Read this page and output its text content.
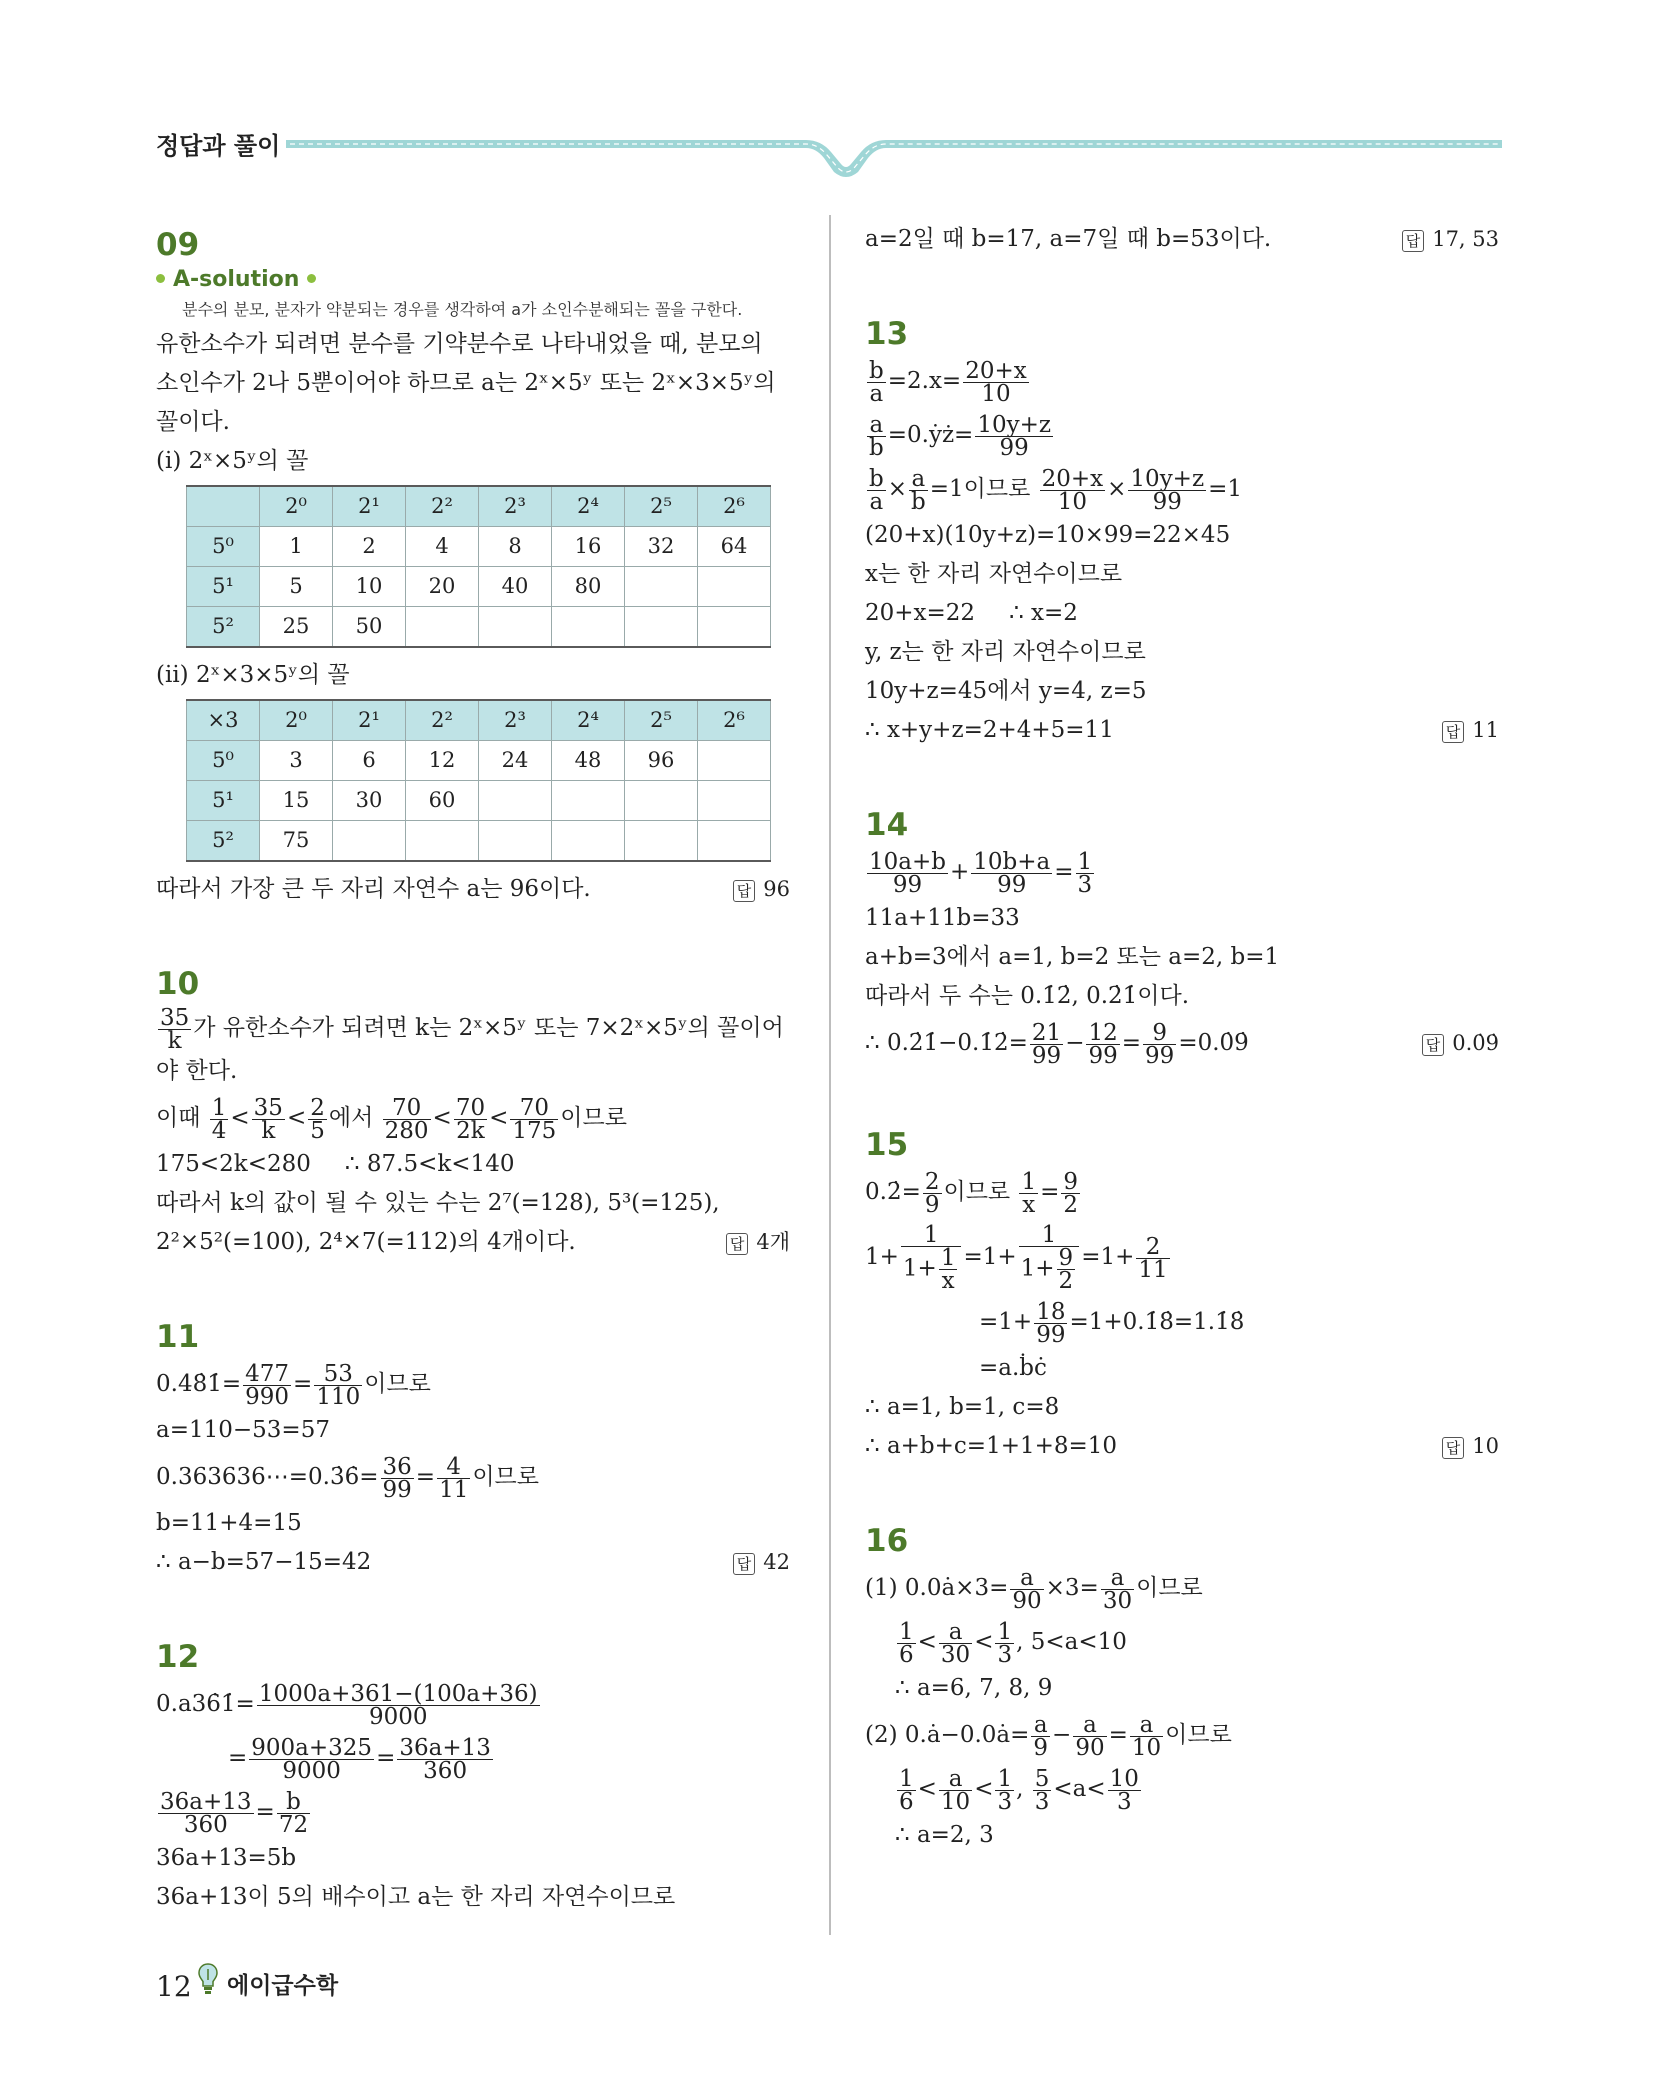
정답과 풀이
09
A-solution
분수의 분모, 분자가 약분되는 경우를 생각하여 a가 소인수분해되는 꼴을 구한다.
유한소수가 되려면 분수를 기약분수로 나타내었을 때, 분모의
소인수가 2나 5뿐이어야 하므로 a는 2ˣ×5ʸ 또는 2ˣ×3×5ʸ의
꼴이다.
(ⅰ) 2ˣ×5ʸ의 꼴
	2⁰	2¹	2²	2³	2⁴	2⁵	2⁶
5⁰	1	2	4	8	16	32	64
5¹	5	10	20	40	80		
5²	25	50					
(ⅱ) 2ˣ×3×5ʸ의 꼴
×3	2⁰	2¹	2²	2³	2⁴	2⁵	2⁶
5⁰	3	6	12	24	48	96	
5¹	15	30	60				
5²	75						
따라서 가장 큰 두 자리 자연수 a는 96이다.	답 96
10
$\frac{35}{k}$ 가 유한소수가 되려면 k는 2ˣ×5ʸ 또는 7×2ˣ×5ʸ의 꼴이어
야 한다.
이때 $\frac{1}{4} < \frac{35}{k} < \frac{2}{5}$ 에서 $\frac{70}{280} < \frac{70}{2k} < \frac{70}{175}$ 이므로
175<2k<280 ∴ 87.5<k<140
따라서 k의 값이 될 수 있는 수는 2⁷(=128), 5³(=125),
2²×5²(=100), 2⁴×7(=112)의 4개이다.	답 4개
11
0.48̇1̇= $\frac{477}{990} = \frac{53}{110}$ 이므로
a=110−53=57
0.363636⋯=0.3̇6̇= $\frac{36}{99} = \frac{4}{11}$ 이므로
b=11+4=15
∴ a−b=57−15=42	답 42
12
0.a36̇1̇= $\frac{1000a+361-(100a+36)}{9000}$
= $\frac{900a+325}{9000} = \frac{36a+13}{360}$
$\frac{36a+13}{360} = \frac{b}{72}$
36a+13=5b
36a+13이 5의 배수이고 a는 한 자리 자연수이므로
a=2일 때 b=17, a=7일 때 b=53이다.	답 17, 53
13
$\frac{b}{a} =2.x= \frac{20+x}{10}$
$\frac{a}{b}$ =0.ẏż= $\frac{10y+z}{99}$
$\frac{b}{a} \times \frac{a}{b} =1$이므로 $\frac{20+x}{10} \times \frac{10y+z}{99} =1$
(20+x)(10y+z)=10×99=22×45
x는 한 자리 자연수이므로
20+x=22 ∴ x=2
y, z는 한 자리 자연수이므로
10y+z=45에서 y=4, z=5
∴ x+y+z=2+4+5=11	답 11
14
$\frac{10a+b}{99} + \frac{10b+a}{99} = \frac{1}{3}$
11a+11b=33
a+b=3에서 a=1, b=2 또는 a=2, b=1
따라서 두 수는 0.1̇2̇, 0.2̇1̇이다.
∴ 0.2̇1̇−0.1̇2̇= $\frac{21}{99} - \frac{12}{99} = \frac{9}{99}$ =0.0̇9̇	답 0.0̇9̇
15
0.2̇= $\frac{2}{9}$ 이므로 $\frac{1}{x} = \frac{9}{2}$
$1+ \frac{1}{1+ \frac{1}{x}} =1+ \frac{1}{1+ \frac{9}{2}} =1+ \frac{2}{11}$
$=1+ \frac{18}{99}$ =1+0.1̇8̇=1.1̇8̇
=a.ḃċ
∴ a=1, b=1, c=8
∴ a+b+c=1+1+8=10	답 10
16
(1) 0.0ȧ×3= $\frac{a}{90} \times 3= \frac{a}{30}$ 이므로
$\frac{1}{6} < \frac{a}{30} < \frac{1}{3}$ , 5<a<10
∴ a=6, 7, 8, 9
(2) 0.ȧ−0.0ȧ= $\frac{a}{9} - \frac{a}{90} = \frac{a}{10}$ 이므로
$\frac{1}{6} < \frac{a}{10} < \frac{1}{3}$ , $\frac{5}{3} <a< \frac{10}{3}$
∴ a=2, 3
12 에이급수학
